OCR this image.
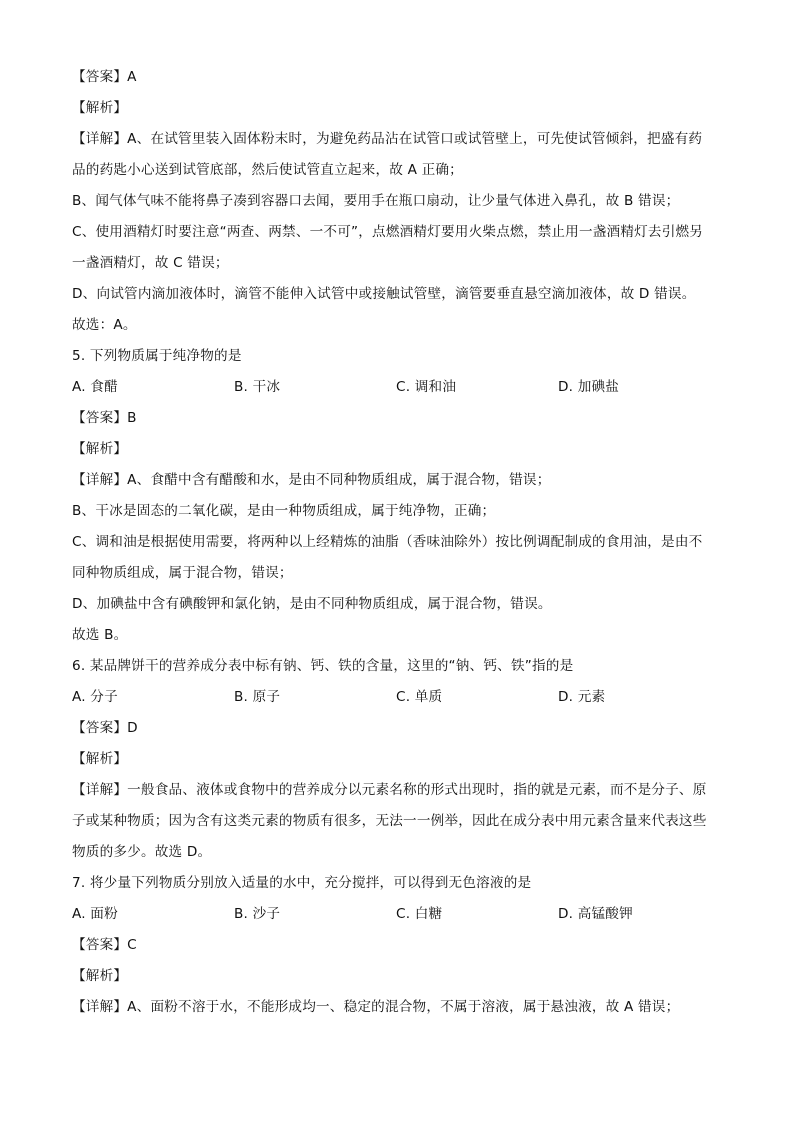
【答案】A
【解析】
【详解】A、在试管里装入固体粉末时，为避免药品沾在试管口或试管壁上，可先使试管倾斜，把盛有药
品的药匙小心送到试管底部，然后使试管直立起来，故 A 正确；
B、闻气体气味不能将鼻子凑到容器口去闻，要用手在瓶口扇动，让少量气体进入鼻孔，故 B 错误；
C、使用酒精灯时要注意“两查、两禁、一不可”，点燃酒精灯要用火柴点燃，禁止用一盏酒精灯去引燃另
一盏酒精灯，故 C 错误；
D、向试管内滴加液体时，滴管不能伸入试管中或接触试管壁，滴管要垂直悬空滴加液体，故 D 错误。
故选：A。
5. 下列物质属于纯净物的是
A. 食醋	B. 干冰	C. 调和油	D. 加碘盐
【答案】B
【解析】
【详解】A、食醋中含有醋酸和水，是由不同种物质组成，属于混合物，错误；
B、干冰是固态的二氧化碳，是由一种物质组成，属于纯净物，正确；
C、调和油是根据使用需要，将两种以上经精炼的油脂（香味油除外）按比例调配制成的食用油，是由不
同种物质组成，属于混合物，错误；
D、加碘盐中含有碘酸钾和氯化钠，是由不同种物质组成，属于混合物，错误。
故选 B。
6. 某品牌饼干的营养成分表中标有钠、钙、铁的含量，这里的“钠、钙、铁”指的是
A. 分子	B. 原子	C. 单质	D. 元素
【答案】D
【解析】
【详解】一般食品、液体或食物中的营养成分以元素名称的形式出现时，指的就是元素，而不是分子、原
子或某种物质；因为含有这类元素的物质有很多，无法一一例举，因此在成分表中用元素含量来代表这些
物质的多少。故选 D。
7. 将少量下列物质分别放入适量的水中，充分搅拌，可以得到无色溶液的是
A. 面粉	B. 沙子	C. 白糖	D. 高锰酸钾
【答案】C
【解析】
【详解】A、面粉不溶于水，不能形成均一、稳定的混合物，不属于溶液，属于悬浊液，故 A 错误；
